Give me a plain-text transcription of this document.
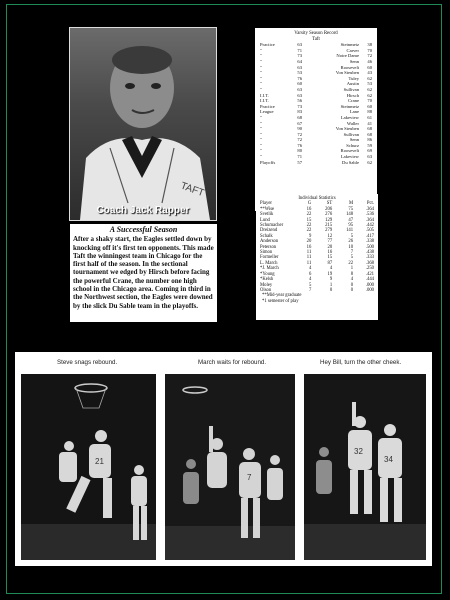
TAFT
Coach Jack Rapper
Varsity Season Record
Taft
Practice	63	Steinmetz	38
"	71	Carver	70
"	73	Notre Dame	72
"	64	Senn	46
"	63	Roosevelt	60
"	53	Von Steuben	43
"	76	Tuley	62
"	60	Austin	53
"	63	Sullivan	62
I.I.T.	63	Hirsch	62
I.I.T.	56	Crane	70
Practice	73	Steinmetz	60
League	83	Lane	88
"	68	Lakeview	61
"	67	Waller	41
"	90	Von Steuben	68
"	72	Sullivan	68
"	72	Senn	86
"	76	Schurz	59
"	80	Roosevelt	69
"	71	Lakeview	63
Playoffs	57	Du Sable	62
Individual Statistics
Player	G	ST	M	Pct.
**Wise	16	206	75	.364
Svetlik	22	276	148	.536
Lund	15	129	47	.364
Schumacher	22	215	95	.442
Dreizend	22	279	141	.505
Schalk	9	12	5	.417
Anderson	20	77	26	.338
Peterson	16	20	10	.500
Simon	11	16	7	.438
Formeller	11	15	5	.333
L. March	11	87	22	.368
*J. March	4	4	1	.250
*Young	6	19	8	.421
*Kelsh	4	9	4	.444
Moley	5	1	0	.000
Olson	7	0	0	.000
**Mid-year graduate
*1 semester of play
A Successful Season
After a shaky start, the Eagles settled down by knocking off it's first ten opponents. This made Taft the winningest team in Chicago for the first half of the season. In the sectional tournament we edged by Hirsch before facing the powerful Crane, the number one high school in the Chicago area. Coming in third in the Northwest section, the Eagles were downed by the slick Du Sable team in the playoffs.
Steve snags rebound.	March waits for rebound.	Hey Bill, turn the other cheek.
21
7
32
34
